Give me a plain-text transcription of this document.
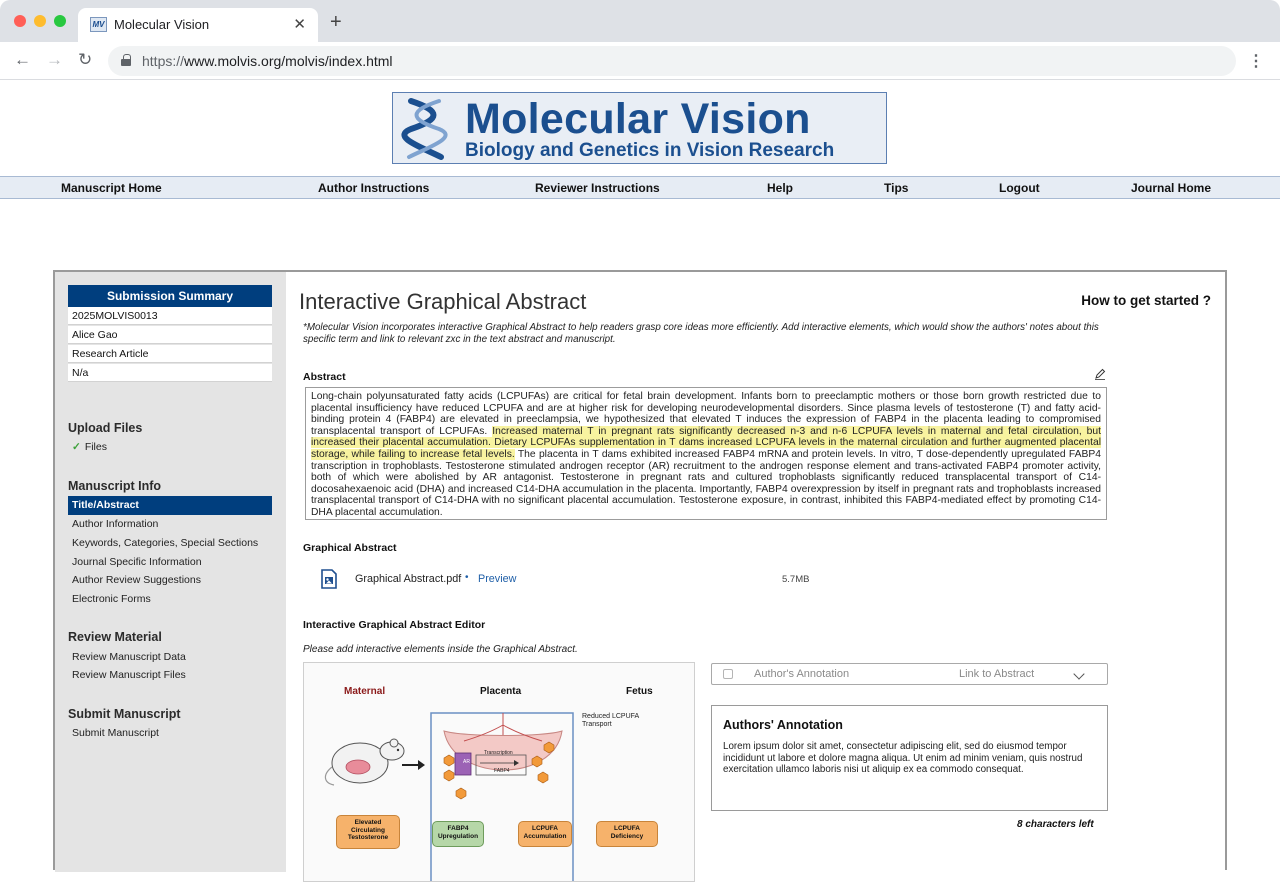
MV Molecular Vision	✕ +
← → ↻	https://www.molvis.org/molvis/index.html	⋮
Molecular Vision
Biology and Genetics in Vision Research
Manuscript Home	Author Instructions	Reviewer Instructions	Help	Tips	Logout	Journal Home
Submission Summary
2025MOLVIS0013
Alice Gao
Research Article
N/a
Upload Files
✓ Files
Manuscript Info
Title/Abstract
Author Information
Keywords, Categories, Special Sections
Journal Specific Information
Author Review Suggestions
Electronic Forms
Review Material
Review Manuscript Data
Review Manuscript Files
Submit Manuscript
Submit Manuscript
Interactive Graphical Abstract	How to get started ?
*Molecular Vision incorporates interactive Graphical Abstract to help readers grasp core ideas more efficiently. Add interactive elements, which would show the authors' notes about this specific term and link to relevant zxc in the text abstract and manuscript.
Abstract
Long-chain polyunsaturated fatty acids (LCPUFAs) are critical for fetal brain development. Infants born to preeclamptic mothers or those born growth restricted due to placental insufficiency have reduced LCPUFA and are at higher risk for developing neurodevelopmental disorders. Since plasma levels of testosterone (T) and fatty acid-binding protein 4 (FABP4) are elevated in preeclampsia, we hypothesized that elevated T induces the expression of FABP4 in the placenta leading to compromised transplacental transport of LCPUFAs. Increased maternal T in pregnant rats significantly decreased n-3 and n-6 LCPUFA levels in maternal and fetal circulation, but increased their placental accumulation. Dietary LCPUFAs supplementation in T dams increased LCPUFA levels in the maternal circulation and further augmented placental storage, while failing to increase fetal levels. The placenta in T dams exhibited increased FABP4 mRNA and protein levels. In vitro, T dose-dependently upregulated FABP4 transcription in trophoblasts. Testosterone stimulated androgen receptor (AR) recruitment to the androgen response element and trans-activated FABP4 promoter activity, both of which were abolished by AR antagonist. Testosterone in pregnant rats and cultured trophoblasts significantly reduced transplacental transport of C14-docosahexaenoic acid (DHA) and increased C14-DHA accumulation in the placenta. Importantly, FABP4 overexpression by itself in pregnant rats and trophoblasts increased transplacental transport of C14-DHA with no significant placental accumulation. Testosterone exposure, in contrast, inhibited this FABP4-mediated effect by promoting C14-DHA placental accumulation.
Graphical Abstract
Graphical Abstract.pdf • Preview	5.7MB
Interactive Graphical Abstract Editor
Please add interactive elements inside the Graphical Abstract.
Maternal	Placenta	Fetus
Reduced LCPUFA Transport
AR
Transcription
FABP4
Elevated Circulating Testosterone
FABP4 Upregulation
LCPUFA Accumulation
LCPUFA Deficiency
Author's Annotation	Link to Abstract
Authors' Annotation
Lorem ipsum dolor sit amet, consectetur adipiscing elit, sed do eiusmod tempor incididunt ut labore et dolore magna aliqua. Ut enim ad minim veniam, quis nostrud exercitation ullamco laboris nisi ut aliquip ex ea commodo consequat.
8 characters left
